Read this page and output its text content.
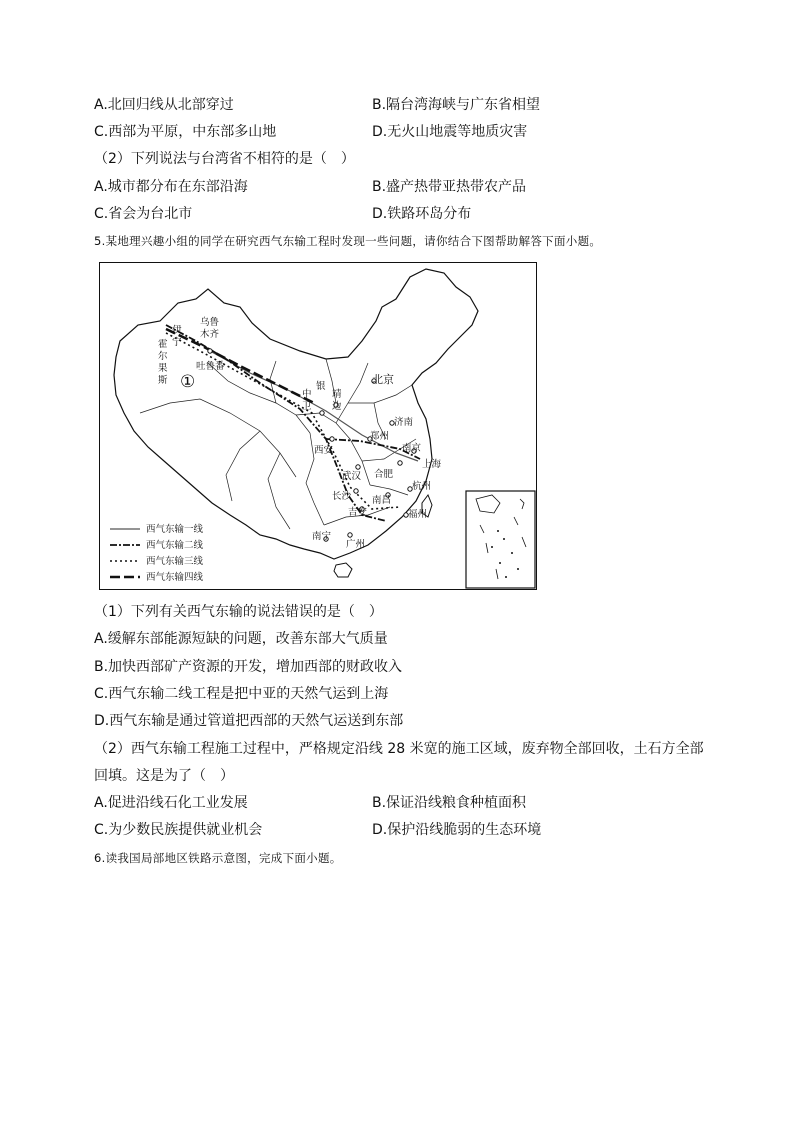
A.北回归线从北部穿过	B.隔台湾海峡与广东省相望
C.西部为平原，中东部多山地	D.无火山地震等地质灾害
（2）下列说法与台湾省不相符的是（　）
A.城市都分布在东部沿海	B.盛产热带亚热带农产品
C.省会为台北市	D.铁路环岛分布
5.某地理兴趣小组的同学在研究西气东输工程时发现一些问题，请你结合下图帮助解答下面小题。
①
乌鲁
木齐
伊
宁
霍
尔
果
斯
吐鲁番
中
卫
银
靖
边
北京
济南
郑州
西安	南京
上海
合肥
武汉
杭州
长沙 南昌
吉安	福州
广州
南宁
西气东输一线
西气东输二线
西气东输三线
西气东输四线
（1）下列有关西气东输的说法错误的是（　）
A.缓解东部能源短缺的问题，改善东部大气质量
B.加快西部矿产资源的开发，增加西部的财政收入
C.西气东输二线工程是把中亚的天然气运到上海
D.西气东输是通过管道把西部的天然气运送到东部
（2）西气东输工程施工过程中，严格规定沿线 28 米宽的施工区域，废弃物全部回收，土石方全部
回填。这是为了（　）
A.促进沿线石化工业发展	B.保证沿线粮食种植面积
C.为少数民族提供就业机会	D.保护沿线脆弱的生态环境
6.读我国局部地区铁路示意图，完成下面小题。
